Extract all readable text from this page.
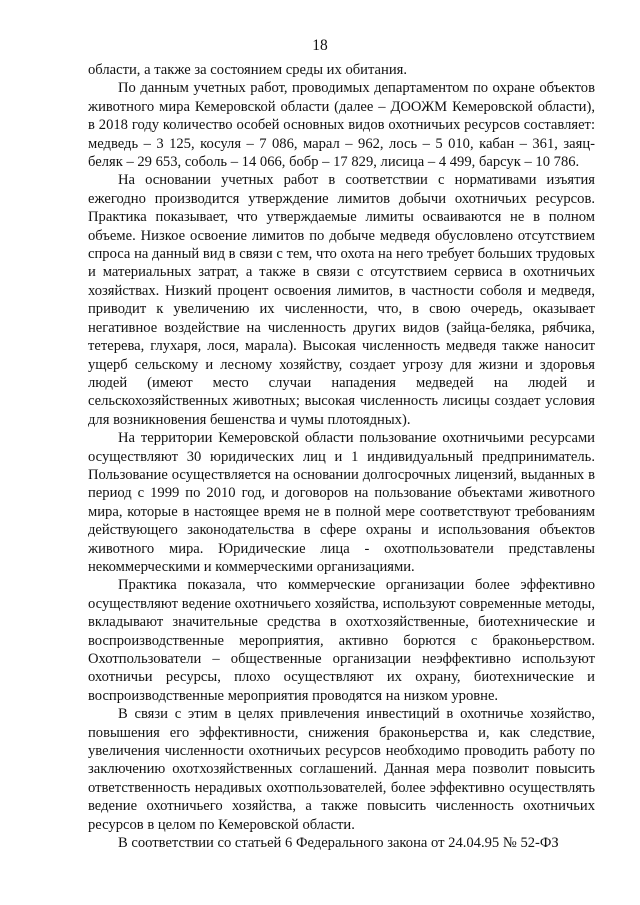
18

области, а также за состоянием среды их обитания.

По данным учетных работ, проводимых департаментом по охране объектов животного мира Кемеровской области (далее – ДООЖМ Кемеровской области), в 2018 году количество особей основных видов охотничьих ресурсов составляет: медведь – 3 125, косуля – 7 086, марал – 962, лось – 5 010, кабан – 361, заяц-беляк – 29 653, соболь – 14 066, бобр – 17 829, лисица – 4 499, барсук – 10 786.

На основании учетных работ в соответствии с нормативами изъятия ежегодно производится утверждение лимитов добычи охотничьих ресурсов. Практика показывает, что утверждаемые лимиты осваиваются не в полном объеме. Низкое освоение лимитов по добыче медведя обусловлено отсутствием спроса на данный вид в связи с тем, что охота на него требует больших трудовых и материальных затрат, а также в связи с отсутствием сервиса в охотничьих хозяйствах. Низкий процент освоения лимитов, в частности соболя и медведя, приводит к увеличению их численности, что, в свою очередь, оказывает негативное воздействие на численность других видов (зайца-беляка, рябчика, тетерева, глухаря, лося, марала). Высокая численность медведя также наносит ущерб сельскому и лесному хозяйству, создает угрозу для жизни и здоровья людей (имеют место случаи нападения медведей на людей и сельскохозяйственных животных; высокая численность лисицы создает условия для возникновения бешенства и чумы плотоядных).

На территории Кемеровской области пользование охотничьими ресурсами осуществляют 30 юридических лиц и 1 индивидуальный предприниматель. Пользование осуществляется на основании долгосрочных лицензий, выданных в период с 1999 по 2010 год, и договоров на пользование объектами животного мира, которые в настоящее время не в полной мере соответствуют требованиям действующего законодательства в сфере охраны и использования объектов животного мира. Юридические лица - охотпользователи представлены некоммерческими и коммерческими организациями.

Практика показала, что коммерческие организации более эффективно осуществляют ведение охотничьего хозяйства, используют современные методы, вкладывают значительные средства в охотхозяйственные, биотехнические и воспроизводственные мероприятия, активно борются с браконьерством. Охотпользователи – общественные организации неэффективно используют охотничьи ресурсы, плохо осуществляют их охрану, биотехнические и воспроизводственные мероприятия проводятся на низком уровне.

В связи с этим в целях привлечения инвестиций в охотничье хозяйство, повышения его эффективности, снижения браконьерства и, как следствие, увеличения численности охотничьих ресурсов необходимо проводить работу по заключению охотхозяйственных соглашений. Данная мера позволит повысить ответственность нерадивых охотпользователей, более эффективно осуществлять ведение охотничьего хозяйства, а также повысить численность охотничьих ресурсов в целом по Кемеровской области.

В соответствии со статьей 6 Федерального закона от 24.04.95 № 52-ФЗ
